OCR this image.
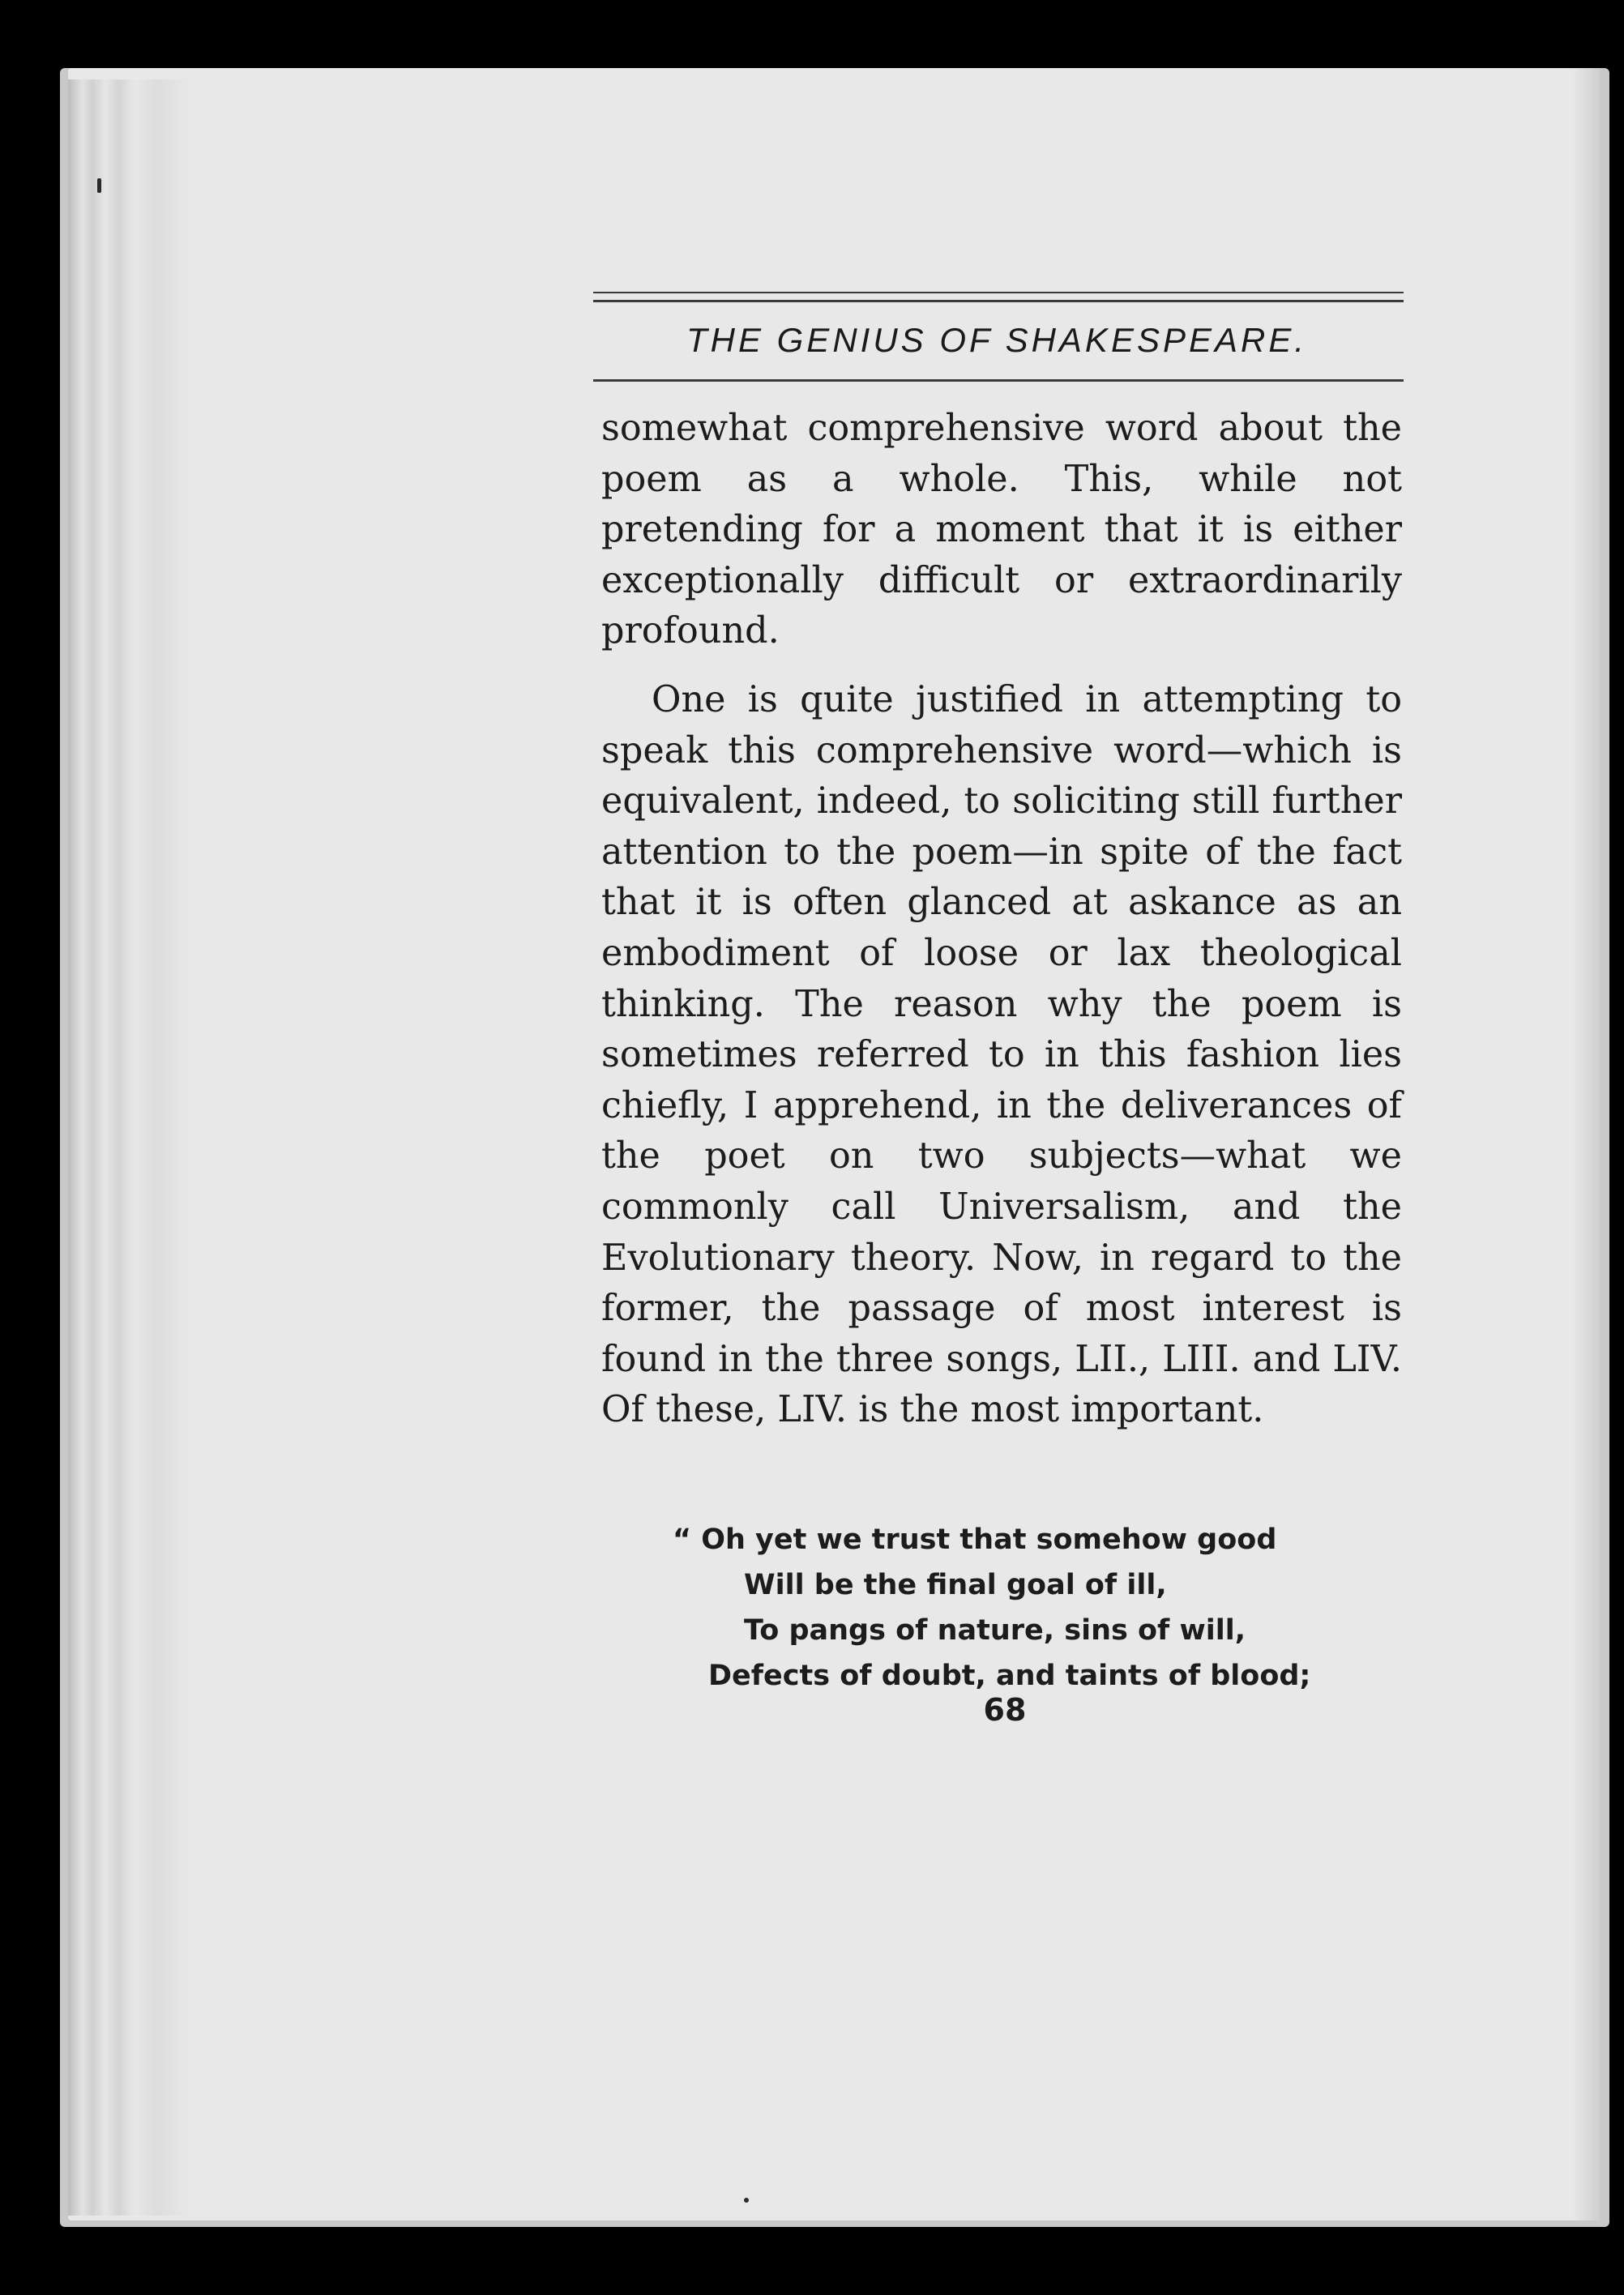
THE GENIUS OF SHAKESPEARE.

somewhat comprehensive word about the poem as a whole. This, while not pretending for a moment that it is either exceptionally difficult or extraordinarily profound.

One is quite justified in attempting to speak this comprehensive word—which is equivalent, indeed, to soliciting still further attention to the poem—in spite of the fact that it is often glanced at askance as an embodiment of loose or lax theological thinking. The reason why the poem is sometimes referred to in this fashion lies chiefly, I apprehend, in the deliverances of the poet on two subjects—what we commonly call Universalism, and the Evolutionary theory. Now, in regard to the former, the passage of most interest is found in the three songs, LII., LIII. and LIV. Of these, LIV. is the most important.

“ Oh yet we trust that somehow good
Will be the final goal of ill,
To pangs of nature, sins of will,
Defects of doubt, and taints of blood;
68
